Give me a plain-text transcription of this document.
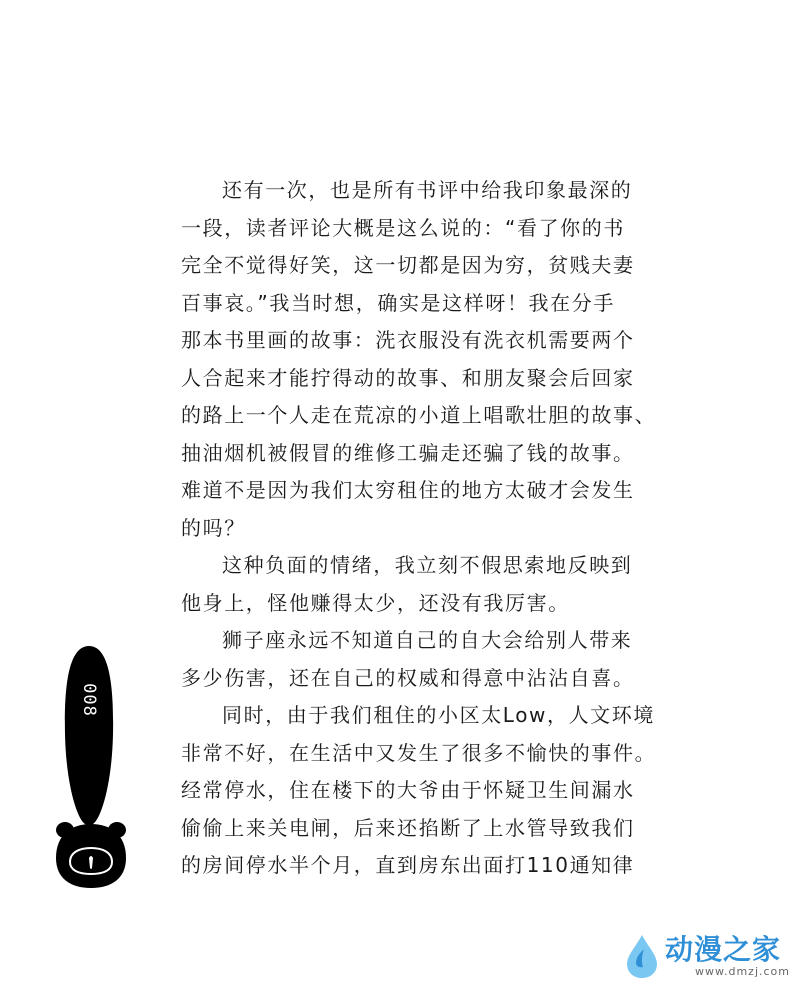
还有一次，也是所有书评中给我印象最深的
一段，读者评论大概是这么说的：“看了你的书
完全不觉得好笑，这一切都是因为穷，贫贱夫妻
百事哀。”我当时想，确实是这样呀！我在分手
那本书里画的故事：洗衣服没有洗衣机需要两个
人合起来才能拧得动的故事、和朋友聚会后回家
的路上一个人走在荒凉的小道上唱歌壮胆的故事、
抽油烟机被假冒的维修工骗走还骗了钱的故事。
难道不是因为我们太穷租住的地方太破才会发生
的吗？
这种负面的情绪，我立刻不假思索地反映到
他身上，怪他赚得太少，还没有我厉害。
狮子座永远不知道自己的自大会给别人带来
多少伤害，还在自己的权威和得意中沾沾自喜。
同时，由于我们租住的小区太Low，人文环境
非常不好，在生活中又发生了很多不愉快的事件。
经常停水，住在楼下的大爷由于怀疑卫生间漏水
偷偷上来关电闸，后来还掐断了上水管导致我们
的房间停水半个月，直到房东出面打110通知律
008
动漫之家
www.dmzj.com
